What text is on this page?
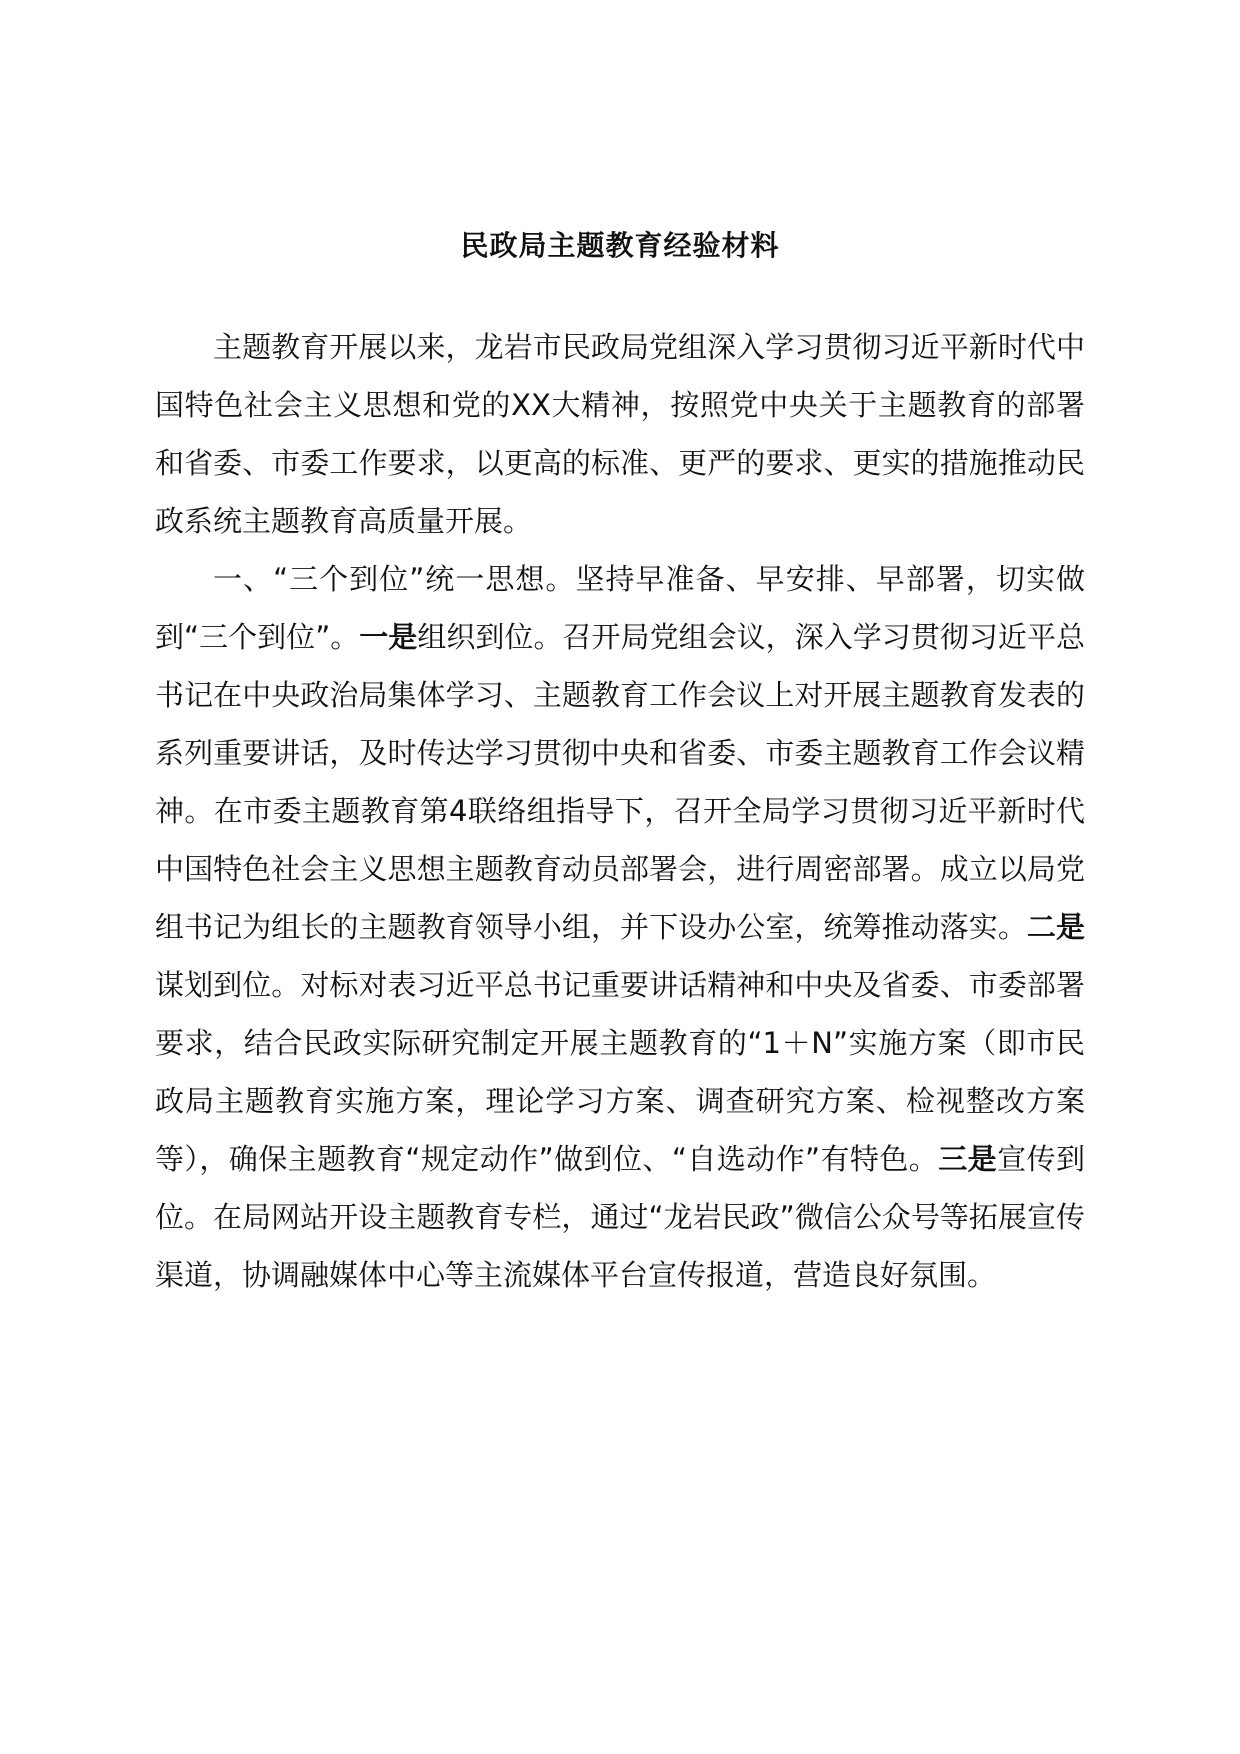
民政局主题教育经验材料

主题教育开展以来，龙岩市民政局党组深入学习贯彻习近平新时代中国特色社会主义思想和党的XX大精神，按照党中央关于主题教育的部署和省委、市委工作要求，以更高的标准、更严的要求、更实的措施推动民政系统主题教育高质量开展。

一、“三个到位”统一思想。坚持早准备、早安排、早部署，切实做到“三个到位”。一是组织到位。召开局党组会议，深入学习贯彻习近平总书记在中央政治局集体学习、主题教育工作会议上对开展主题教育发表的系列重要讲话，及时传达学习贯彻中央和省委、市委主题教育工作会议精神。在市委主题教育第4联络组指导下，召开全局学习贯彻习近平新时代中国特色社会主义思想主题教育动员部署会，进行周密部署。成立以局党组书记为组长的主题教育领导小组，并下设办公室，统筹推动落实。二是谋划到位。对标对表习近平总书记重要讲话精神和中央及省委、市委部署要求，结合民政实际研究制定开展主题教育的“1＋N”实施方案（即市民政局主题教育实施方案，理论学习方案、调查研究方案、检视整改方案等），确保主题教育“规定动作”做到位、“自选动作”有特色。三是宣传到位。在局网站开设主题教育专栏，通过“龙岩民政”微信公众号等拓展宣传渠道，协调融媒体中心等主流媒体平台宣传报道，营造良好氛围。
